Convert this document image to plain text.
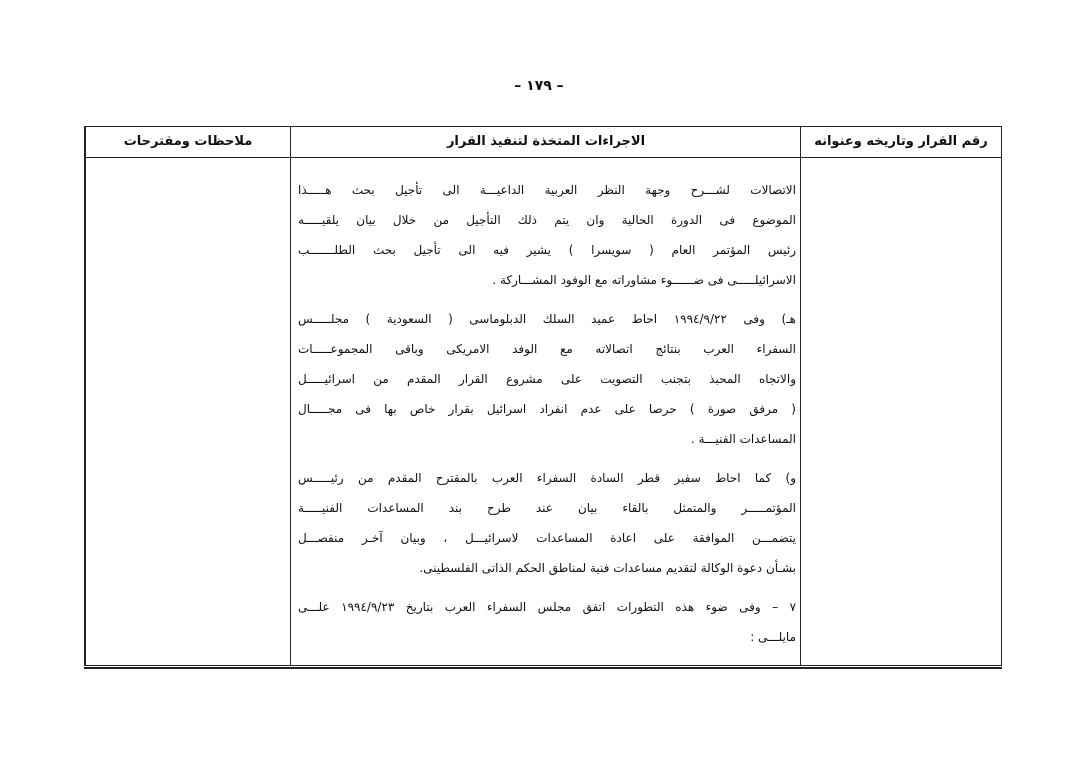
– ١٧٩ –
رقم القرار وتاريخه وعنوانه
الاجراءات المتخذة لتنفيذ القرار
ملاحظات ومقترحات
الاتصالات لشـــرح وجهة النظر العربية الداعيـــة الى تأجيل بحث هـــــذا
الموضوع فى الدورة الحالية وان يتم ذلك التأجيل من خلال بيان يلقيـــــه
رئيس المؤتمر العام ( سويسرا ) يشير فيه الى تأجيل بحث الطلـــــــب
الاسرائيلـــــى فى ضــــــوء مشاوراته مع الوفود المشـــاركة .
هـ) وفى ١٩٩٤/٩/٢٢ احاط عميد السلك الدبلوماسى ( السعودية ) مجلـــــس
السفراء العرب بنتائج اتصالاته مع الوفد الامريكى وباقى المجموعـــــات
والاتجاه المحبذ بتجنب التصويت على مشروع القرار المقدم من اسرائيـــــل
( مرفق صورة ) حرصا على عدم انفراد اسرائيل بقرار خاص بها فى مجـــــال
المساعدات الفنيـــة .
و) كما احاط سفير قطر السادة السفراء العرب بالمقترح المقدم من رئيـــــس
المؤتمـــــر والمتمثل بالقاء بيان عند طرح بند المساعدات الفنيـــــة
يتضمـــن الموافقة على اعادة المساعدات لاسرائيـــل ، وبيان آخـر منفصـــل
بشـأن دعوة الوكالة لتقديم مساعدات فنية لمناطق الحكم الذاتى الفلسطينى.
٧ – وفى ضوء هذه التطورات اتفق مجلس السفراء العرب بتاريخ ١٩٩٤/٩/٢٣ علـــى
مايلـــى :
